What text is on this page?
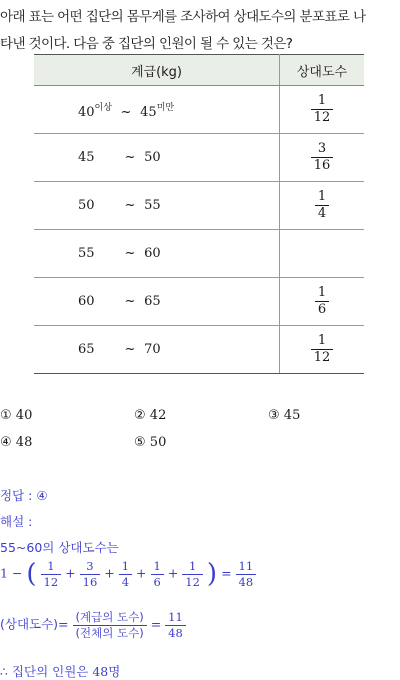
아래 표는 어떤 집단의 몸무게를 조사하여 상대도수의 분포표로 나
타낸 것이다. 다음 중 집단의 인원이 될 수 있는 것은?
계급(kg)	상대도수
$40^{이상}$ ~ $45^{미만}$	$\frac{1}{12}$

45 ~ 50	$\frac{3}{16}$

50 ~ 55	$\frac{1}{4}$

55 ~ 60	
60 ~ 65	$\frac{1}{6}$

65 ~ 70	$\frac{1}{12}$
① 40	② 42	③ 45
④ 48	⑤ 50
정답 : ④
해설 :
55~60의 상대도수는
1 − ( $\frac{1}{12} + \frac{3}{16} + \frac{1}{4} + \frac{1}{6} + \frac{1}{12}$ ) = $\frac{11}{48}$
(상대도수)= $\frac{\text{(계급의 도수)}}{\text{(전체의 도수)}} = \frac{11}{48}$
∴ 집단의 인원은 48명
